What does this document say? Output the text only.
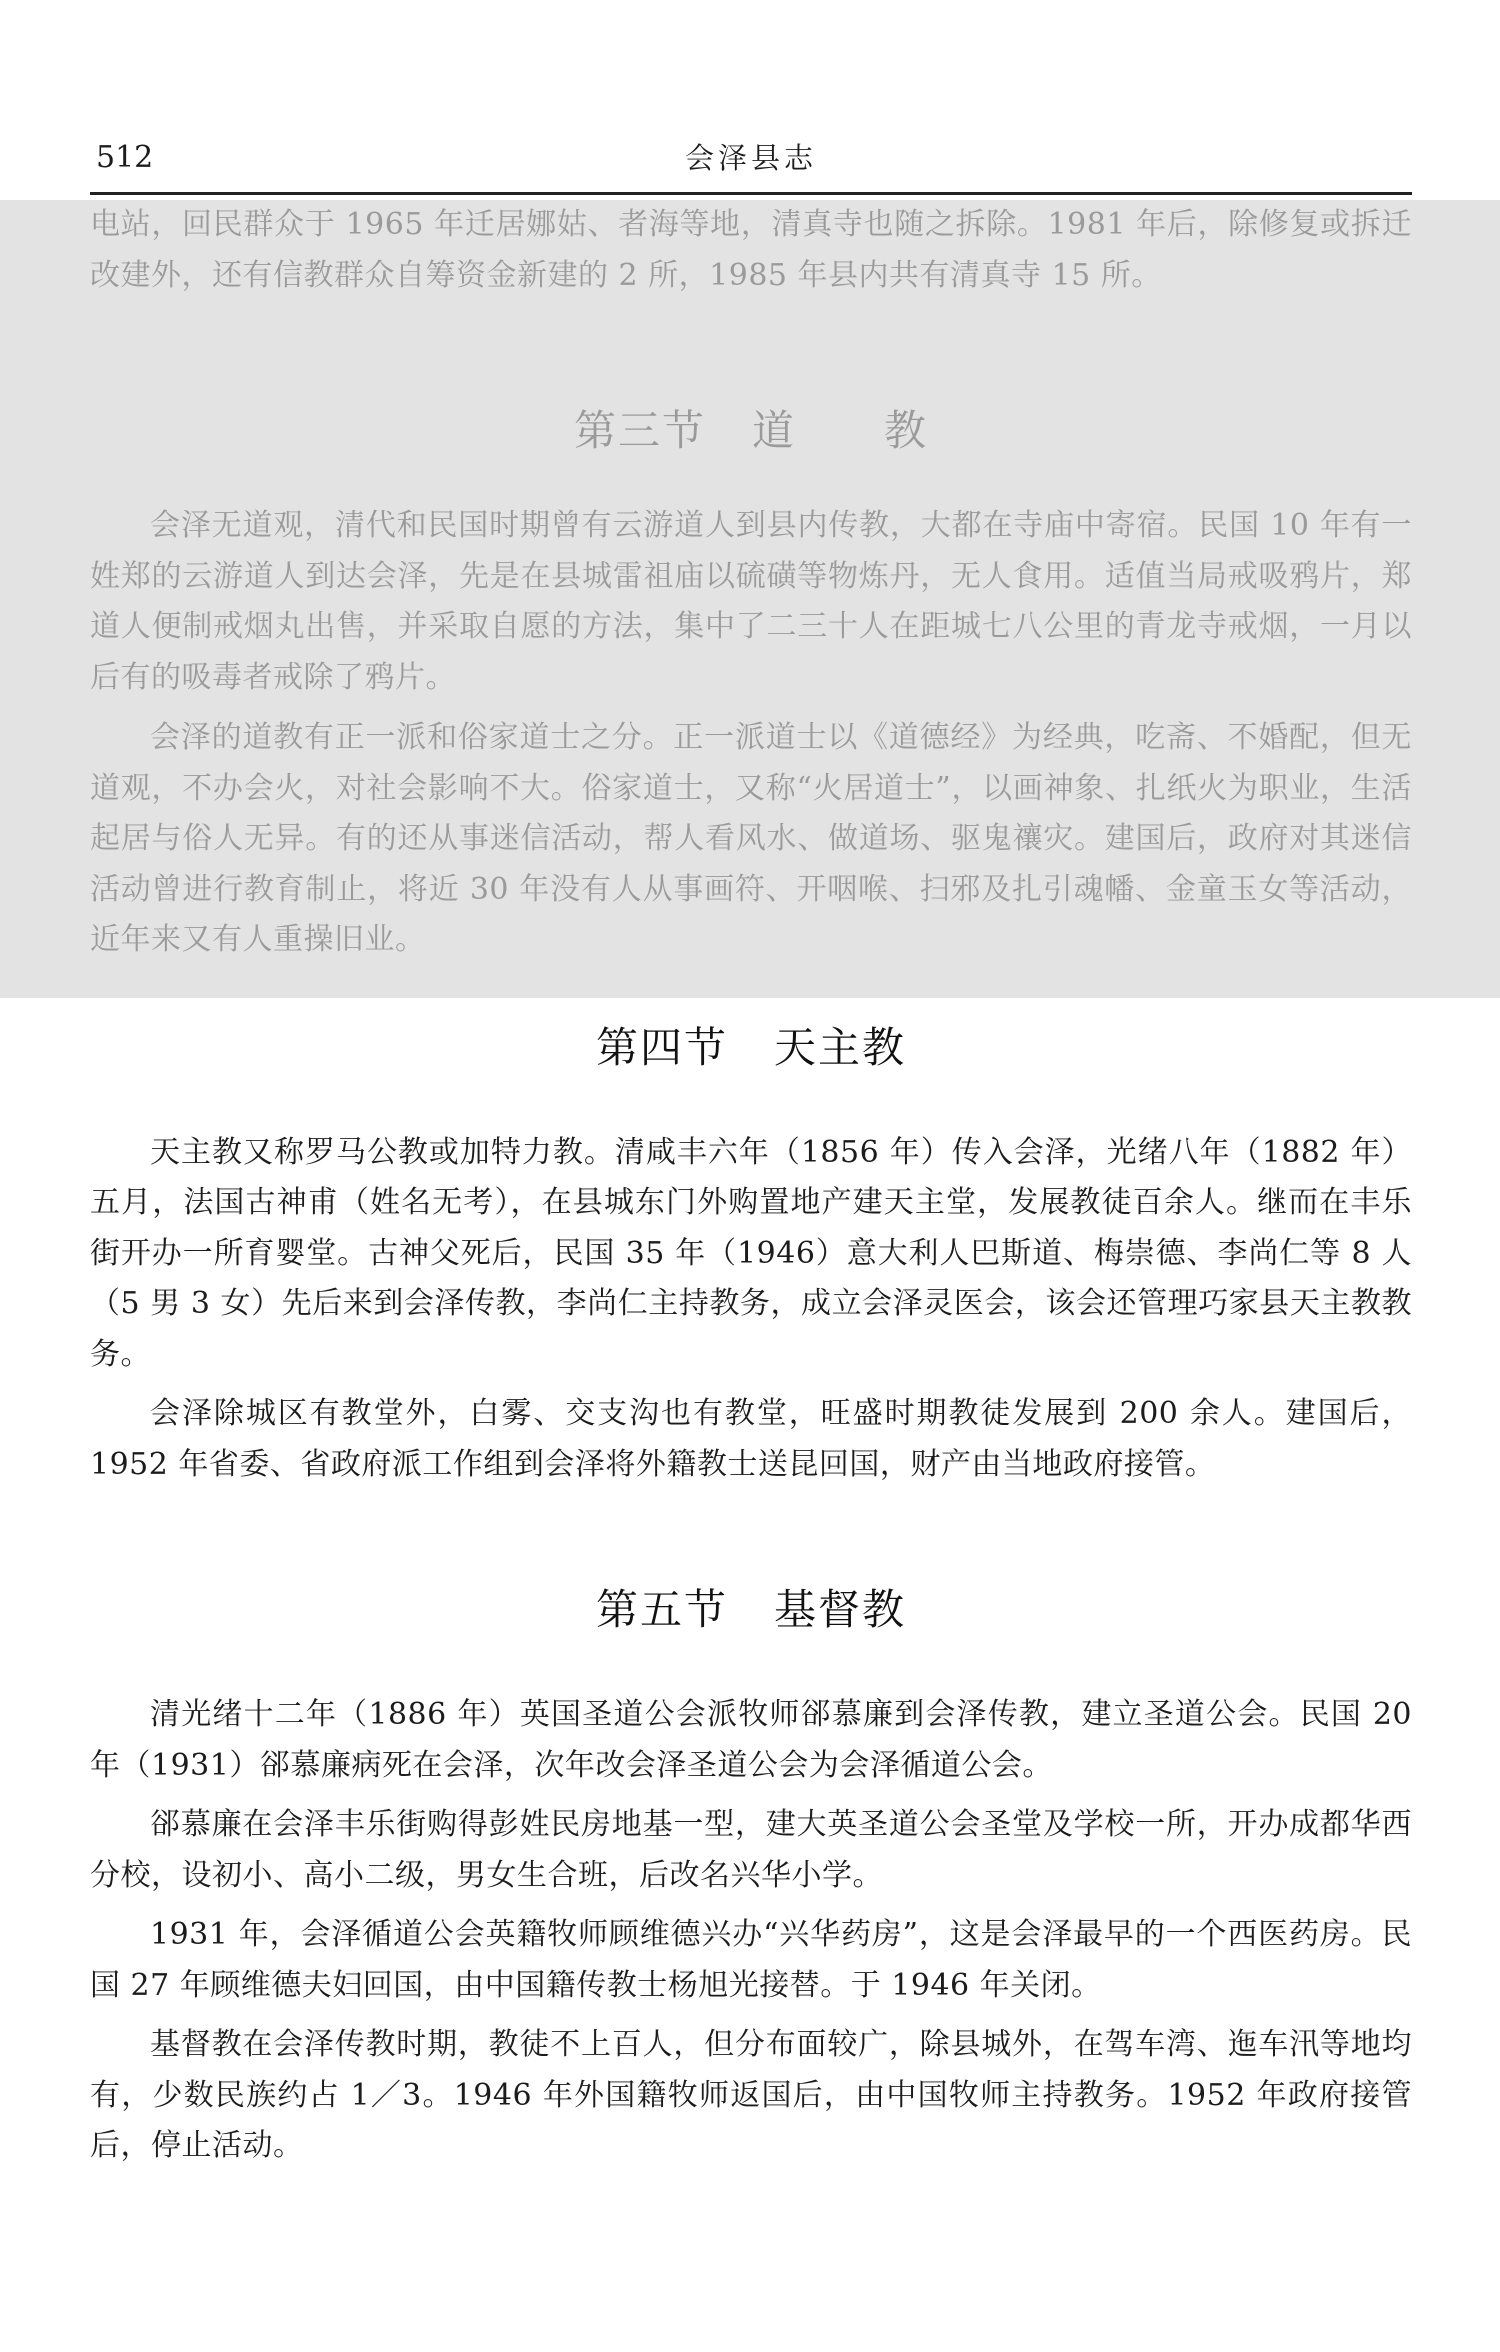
512	会泽县志

电站，回民群众于 1965 年迁居娜姑、者海等地，清真寺也随之拆除。1981 年后，除修复或拆迁改建外，还有信教群众自筹资金新建的 2 所，1985 年县内共有清真寺 15 所。

第三节 道　　教

会泽无道观，清代和民国时期曾有云游道人到县内传教，大都在寺庙中寄宿。民国 10 年有一姓郑的云游道人到达会泽，先是在县城雷祖庙以硫磺等物炼丹，无人食用。适值当局戒吸鸦片，郑道人便制戒烟丸出售，并采取自愿的方法，集中了二三十人在距城七八公里的青龙寺戒烟，一月以后有的吸毒者戒除了鸦片。

会泽的道教有正一派和俗家道士之分。正一派道士以《道德经》为经典，吃斋、不婚配，但无道观，不办会火，对社会影响不大。俗家道士，又称“火居道士”，以画神象、扎纸火为职业，生活起居与俗人无异。有的还从事迷信活动，帮人看风水、做道场、驱鬼禳灾。建国后，政府对其迷信活动曾进行教育制止，将近 30 年没有人从事画符、开咽喉、扫邪及扎引魂幡、金童玉女等活动，近年来又有人重操旧业。

第四节 天主教

天主教又称罗马公教或加特力教。清咸丰六年（1856 年）传入会泽，光绪八年（1882 年）五月，法国古神甫（姓名无考），在县城东门外购置地产建天主堂，发展教徒百余人。继而在丰乐街开办一所育婴堂。古神父死后，民国 35 年（1946）意大利人巴斯道、梅崇德、李尚仁等 8 人（5 男 3 女）先后来到会泽传教，李尚仁主持教务，成立会泽灵医会，该会还管理巧家县天主教教务。

会泽除城区有教堂外，白雾、交支沟也有教堂，旺盛时期教徒发展到 200 余人。建国后，1952 年省委、省政府派工作组到会泽将外籍教士送昆回国，财产由当地政府接管。

第五节 基督教

清光绪十二年（1886 年）英国圣道公会派牧师郤慕廉到会泽传教，建立圣道公会。民国 20 年（1931）郤慕廉病死在会泽，次年改会泽圣道公会为会泽循道公会。

郤慕廉在会泽丰乐街购得彭姓民房地基一型，建大英圣道公会圣堂及学校一所，开办成都华西分校，设初小、高小二级，男女生合班，后改名兴华小学。

1931 年，会泽循道公会英籍牧师顾维德兴办“兴华药房”，这是会泽最早的一个西医药房。民国 27 年顾维德夫妇回国，由中国籍传教士杨旭光接替。于 1946 年关闭。

基督教在会泽传教时期，教徒不上百人，但分布面较广，除县城外，在驾车湾、迤车汛等地均有，少数民族约占 1／3。1946 年外国籍牧师返国后，由中国牧师主持教务。1952 年政府接管后，停止活动。
